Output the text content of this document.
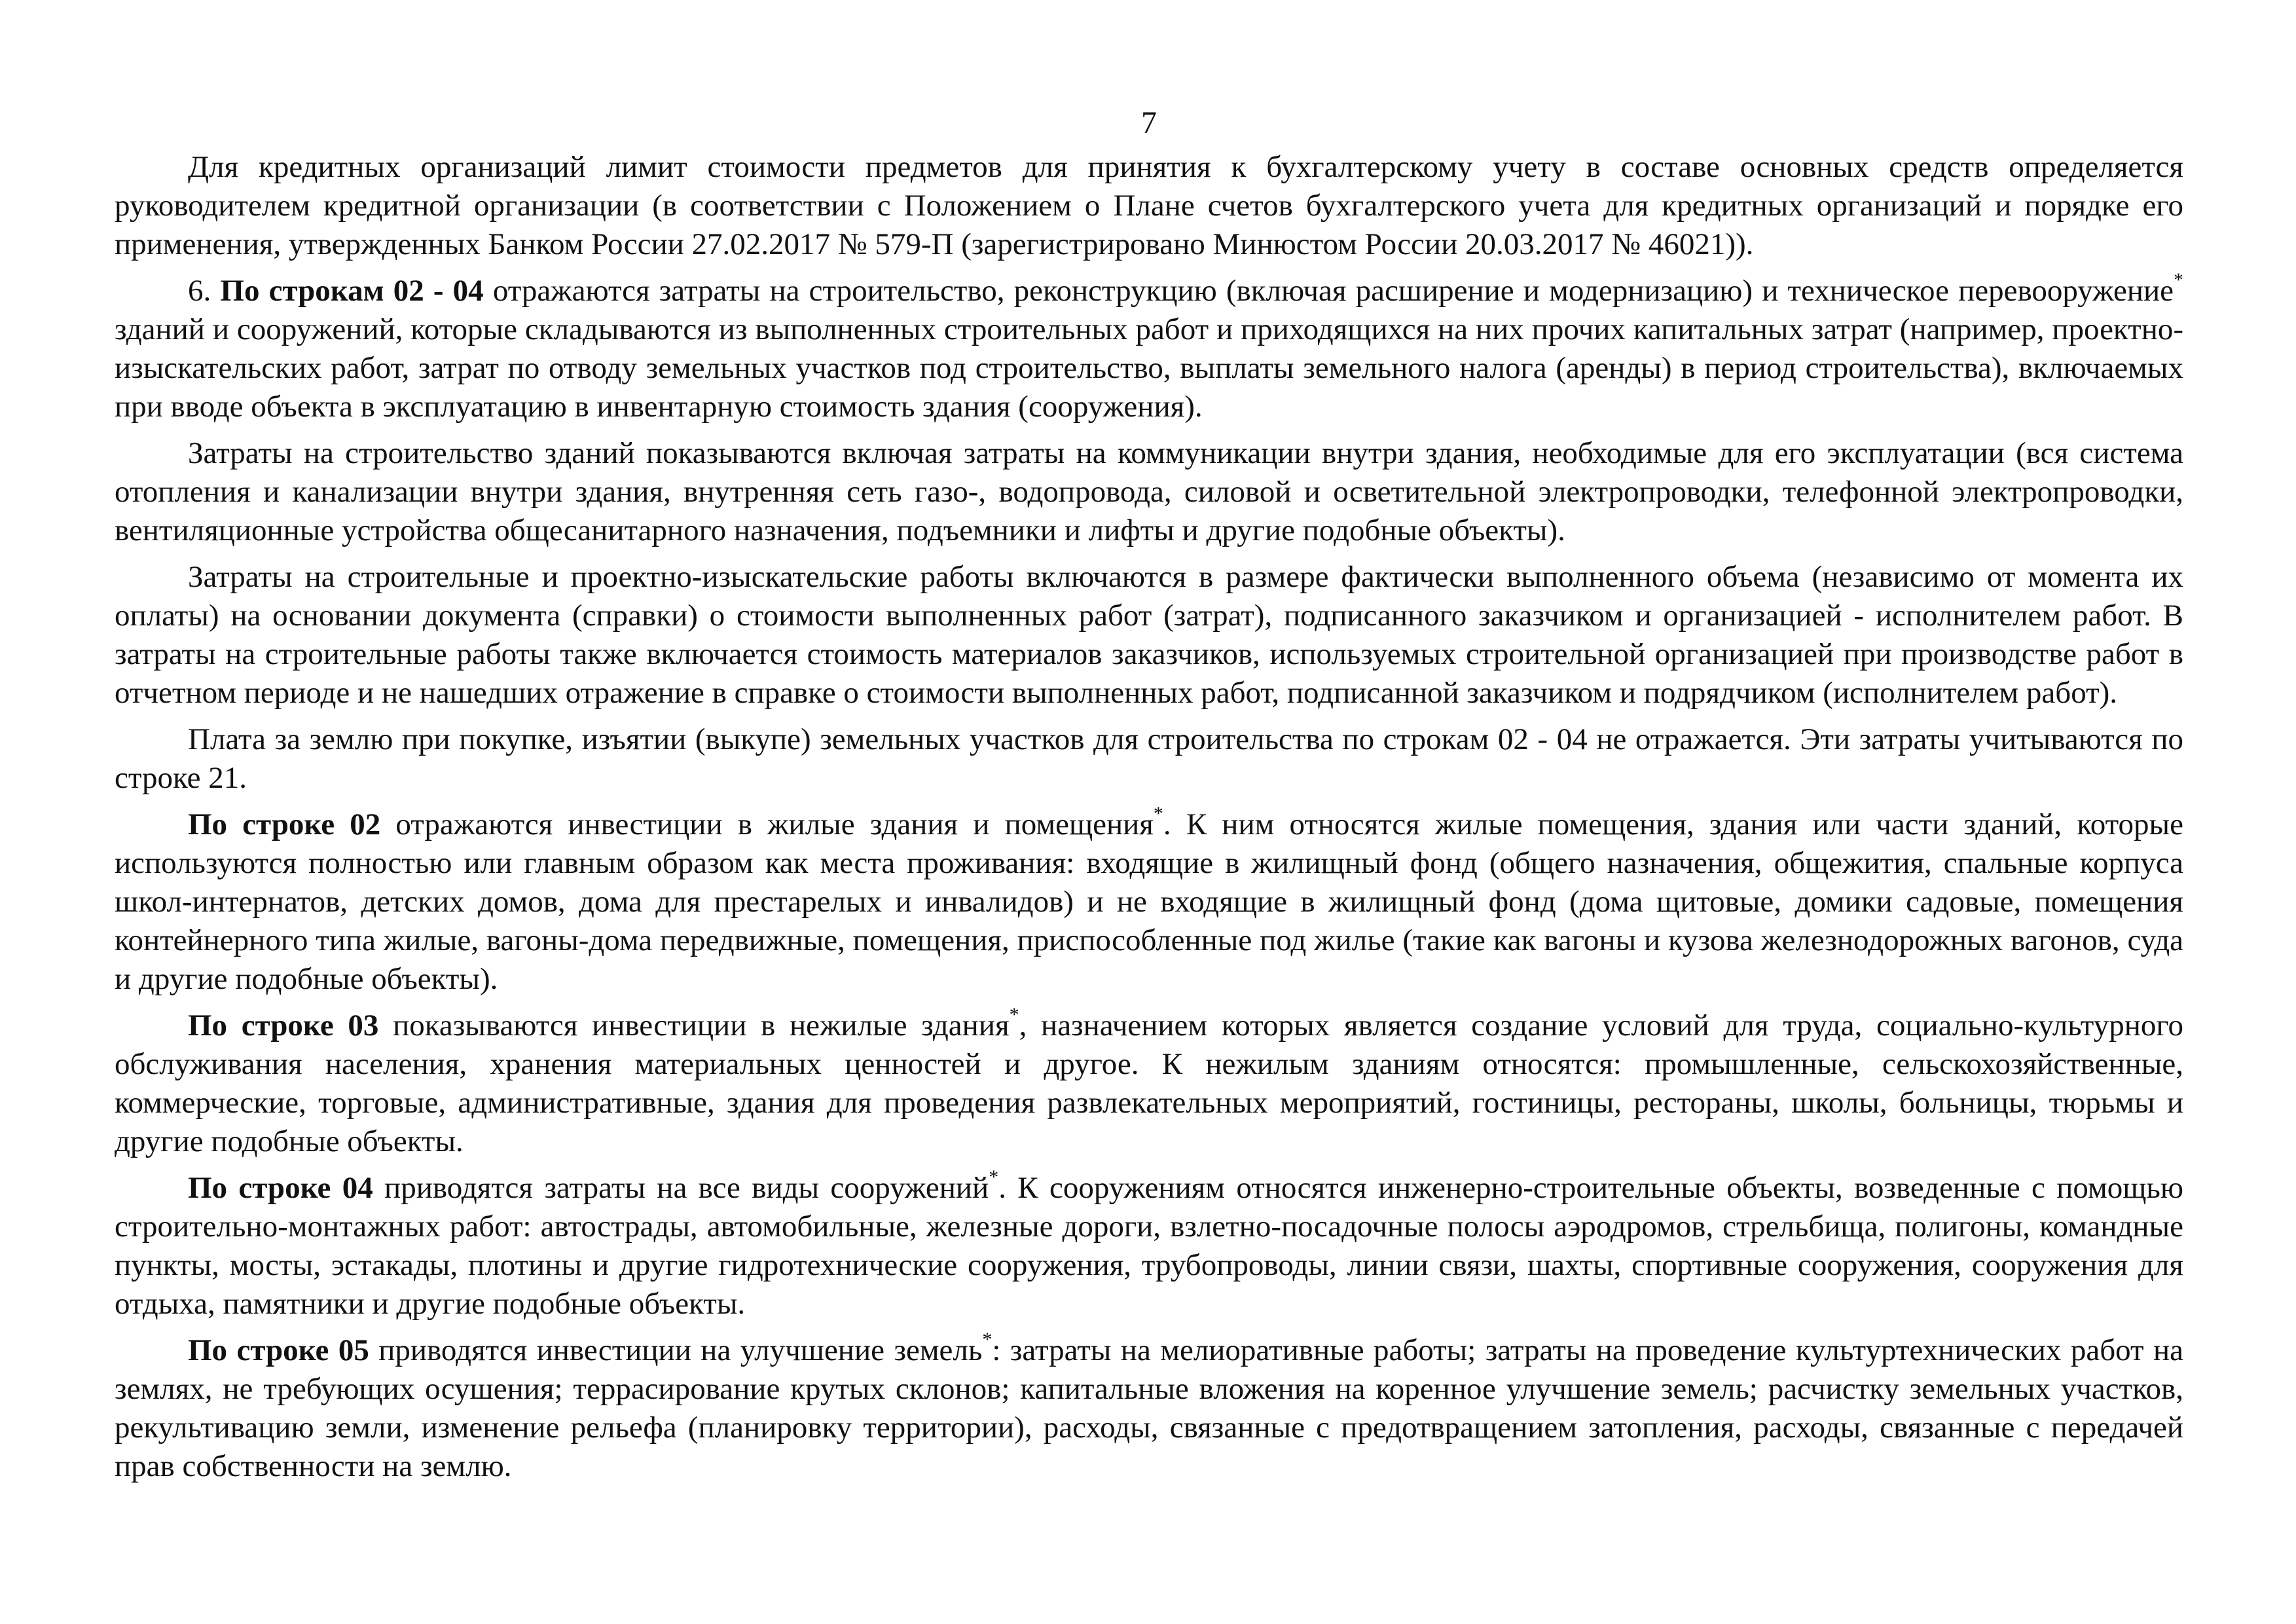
7

Для кредитных организаций лимит стоимости предметов для принятия к бухгалтерскому учету в составе основных средств определяется руководителем кредитной организации (в соответствии с Положением о Плане счетов бухгалтерского учета для кредитных организаций и порядке его применения, утвержденных Банком России 27.02.2017 № 579-П (зарегистрировано Минюстом России 20.03.2017 № 46021)).

6. По строкам 02 - 04 отражаются затраты на строительство, реконструкцию (включая расширение и модернизацию) и техническое перевооружение* зданий и сооружений, которые складываются из выполненных строительных работ и приходящихся на них прочих капитальных затрат (например, проектно-изыскательских работ, затрат по отводу земельных участков под строительство, выплаты земельного налога (аренды) в период строительства), включаемых при вводе объекта в эксплуатацию в инвентарную стоимость здания (сооружения).

Затраты на строительство зданий показываются включая затраты на коммуникации внутри здания, необходимые для его эксплуатации (вся система отопления и канализации внутри здания, внутренняя сеть газо-, водопровода, силовой и осветительной электропроводки, телефонной электропроводки, вентиляционные устройства общесанитарного назначения, подъемники и лифты и другие подобные объекты).

Затраты на строительные и проектно-изыскательские работы включаются в размере фактически выполненного объема (независимо от момента их оплаты) на основании документа (справки) о стоимости выполненных работ (затрат), подписанного заказчиком и организацией - исполнителем работ. В затраты на строительные работы также включается стоимость материалов заказчиков, используемых строительной организацией при производстве работ в отчетном периоде и не нашедших отражение в справке о стоимости выполненных работ, подписанной заказчиком и подрядчиком (исполнителем работ).

Плата за землю при покупке, изъятии (выкупе) земельных участков для строительства по строкам 02 - 04 не отражается. Эти затраты учитываются по строке 21.

По строке 02 отражаются инвестиции в жилые здания и помещения*. К ним относятся жилые помещения, здания или части зданий, которые используются полностью или главным образом как места проживания: входящие в жилищный фонд (общего назначения, общежития, спальные корпуса школ-интернатов, детских домов, дома для престарелых и инвалидов) и не входящие в жилищный фонд (дома щитовые, домики садовые, помещения контейнерного типа жилые, вагоны-дома передвижные, помещения, приспособленные под жилье (такие как вагоны и кузова железнодорожных вагонов, суда и другие подобные объекты).

По строке 03 показываются инвестиции в нежилые здания*, назначением которых является создание условий для труда, социально-культурного обслуживания населения, хранения материальных ценностей и другое. К нежилым зданиям относятся: промышленные, сельскохозяйственные, коммерческие, торговые, административные, здания для проведения развлекательных мероприятий, гостиницы, рестораны, школы, больницы, тюрьмы и другие подобные объекты.

По строке 04 приводятся затраты на все виды сооружений*. К сооружениям относятся инженерно-строительные объекты, возведенные с помощью строительно-монтажных работ: автострады, автомобильные, железные дороги, взлетно-посадочные полосы аэродромов, стрельбища, полигоны, командные пункты, мосты, эстакады, плотины и другие гидротехнические сооружения, трубопроводы, линии связи, шахты, спортивные сооружения, сооружения для отдыха, памятники и другие подобные объекты.

По строке 05 приводятся инвестиции на улучшение земель*: затраты на мелиоративные работы; затраты на проведение культуртехнических работ на землях, не требующих осушения; террасирование крутых склонов; капитальные вложения на коренное улучшение земель; расчистку земельных участков, рекультивацию земли, изменение рельефа (планировку территории), расходы, связанные с предотвращением затопления, расходы, связанные с передачей прав собственности на землю.
